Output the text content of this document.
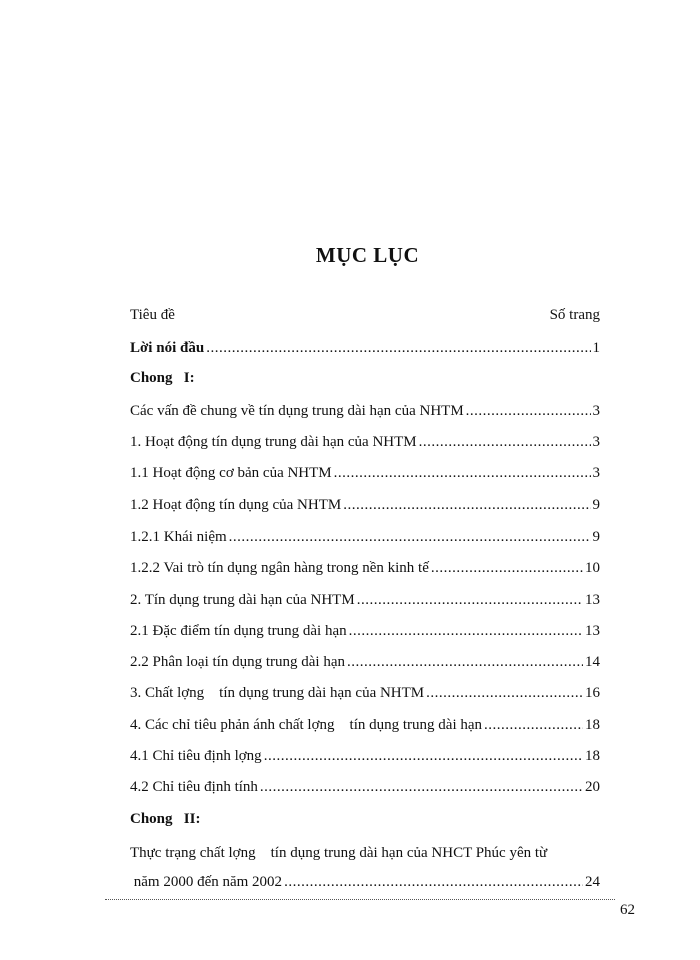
MỤC LỤC
Tiêu đề	Số trang
Lời nói đầu .....	1
Chong   I:
Các vấn đề chung về tín dụng trung dài hạn của NHTM .....	3
1. Hoạt động tín dụng trung dài hạn của NHTM .....	3
1.1 Hoạt động cơ bản của NHTM .....	3
1.2 Hoạt động tín dụng của NHTM .....	9
1.2.1 Khái niệm .....	9
1.2.2 Vai trò tín dụng ngân hàng trong nền kinh tế .....	10
2. Tín dụng trung dài hạn của NHTM .....	13
2.1 Đặc điểm tín dụng trung dài hạn .....	13
2.2 Phân loại tín dụng trung dài hạn .....	14
3. Chất lợng    tín dụng trung dài hạn của NHTM .....	16
4. Các chỉ tiêu phản ánh chất lợng    tín dụng trung dài hạn .....	18
4.1 Chỉ tiêu định lợng .....	18
4.2 Chỉ tiêu định tính .....	20
Chong   II:
Thực trạng chất lợng    tín dụng trung dài hạn của NHCT Phúc yên từ
năm 2000 đến năm 2002 .....	24
62
